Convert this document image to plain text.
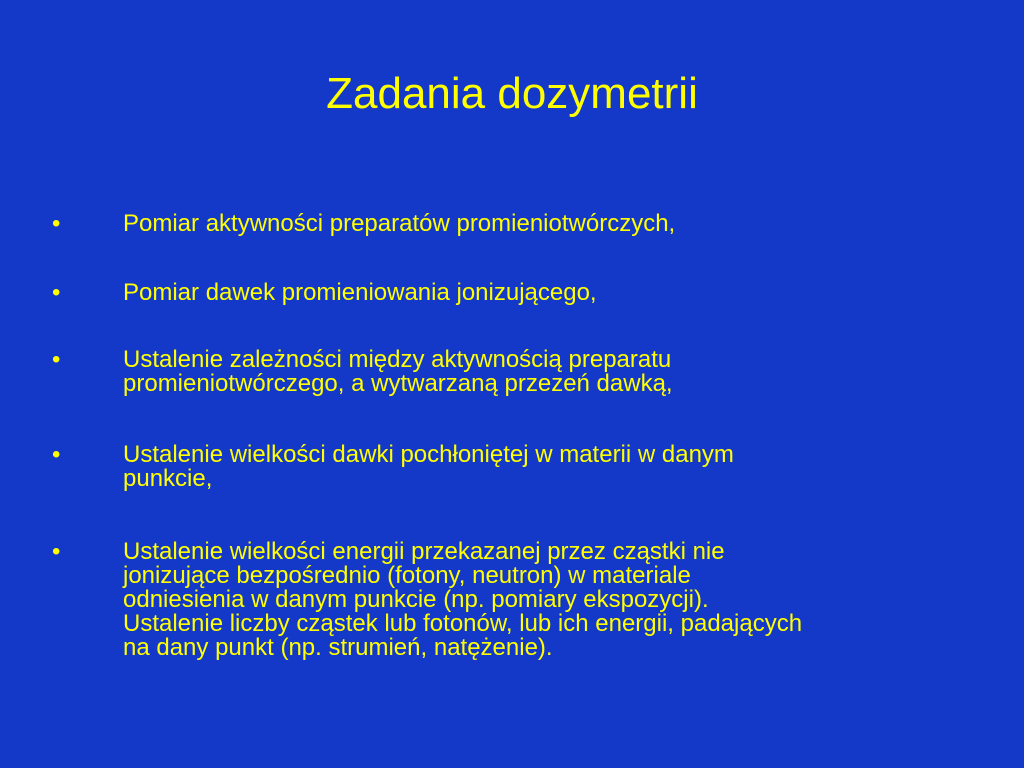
Zadania dozymetrii
•	Pomiar aktywności preparatów promieniotwórczych,
•	Pomiar dawek promieniowania jonizującego,
•	Ustalenie zależności między aktywnością preparatu
promieniotwórczego, a wytwarzaną przezeń dawką,
•	Ustalenie wielkości dawki pochłoniętej w materii w danym
punkcie,
•	Ustalenie wielkości energii przekazanej przez cząstki nie
jonizujące bezpośrednio (fotony, neutron) w materiale
odniesienia w danym punkcie (np. pomiary ekspozycji).
Ustalenie liczby cząstek lub fotonów, lub ich energii, padających
na dany punkt (np. strumień, natężenie).
